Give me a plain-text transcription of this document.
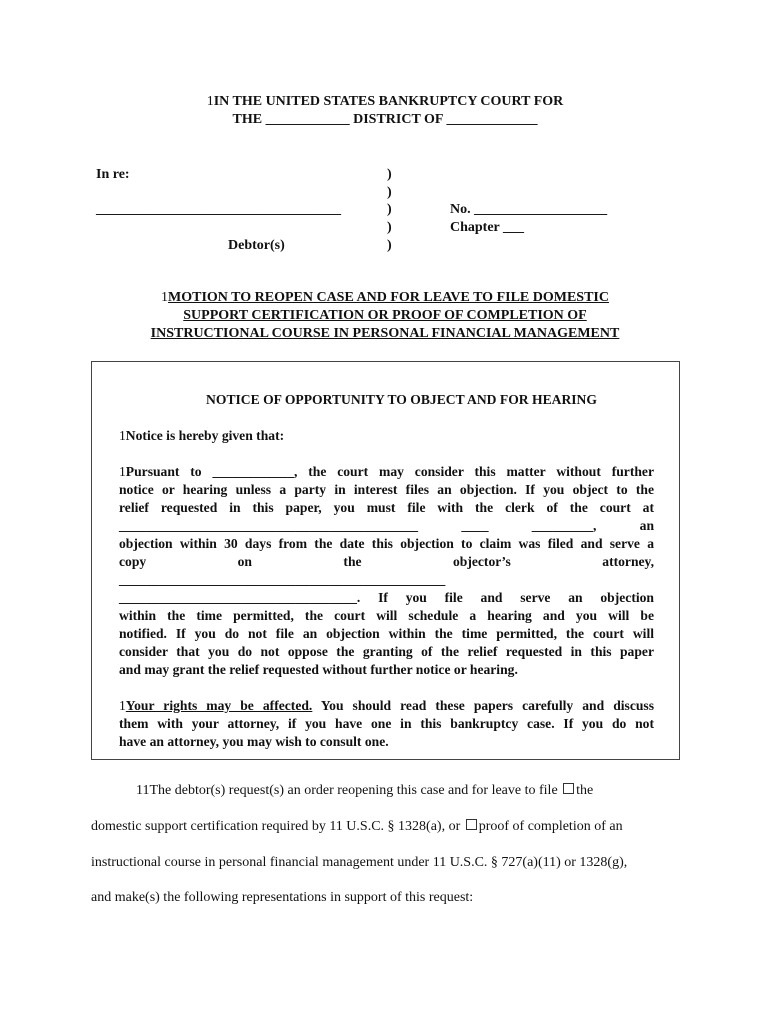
1IN THE UNITED STATES BANKRUPTCY COURT FOR
THE ____________ DISTRICT OF _____________
In re:
___________________________________
Debtor(s)
)
)
)
)
)
No. ___________________
Chapter ___
1MOTION TO REOPEN CASE AND FOR LEAVE TO FILE DOMESTIC
SUPPORT CERTIFICATION OR PROOF OF COMPLETION OF
INSTRUCTIONAL COURSE IN PERSONAL FINANCIAL MANAGEMENT

NOTICE OF OPPORTUNITY TO OBJECT AND FOR HEARING

1Notice is hereby given that:

1Pursuant to ____________, the court may consider this matter without further

notice or hearing unless a party in interest files an objection. If you object to the

relief requested in this paper, you must file with the clerk of the court at

____________________________________________ ____ _________, an

objection within 30 days from the date this objection to claim was filed and serve a

copy on the objector’s attorney,

________________________________________________

___________________________________. If you file and serve an objection

within the time permitted, the court will schedule a hearing and you will be

notified. If you do not file an objection within the time permitted, the court will

consider that you do not oppose the granting of the relief requested in this paper

and may grant the relief requested without further notice or hearing.

1Your rights may be affected. You should read these papers carefully and discuss

them with your attorney, if you have one in this bankruptcy case. If you do not

have an attorney, you may wish to consult one.

11The debtor(s) request(s) an order reopening this case and for leave to file the
domestic support certification required by 11 U.S.C. § 1328(a), or proof of completion of an
instructional course in personal financial management under 11 U.S.C. § 727(a)(11) or 1328(g),
and make(s) the following representations in support of this request:
